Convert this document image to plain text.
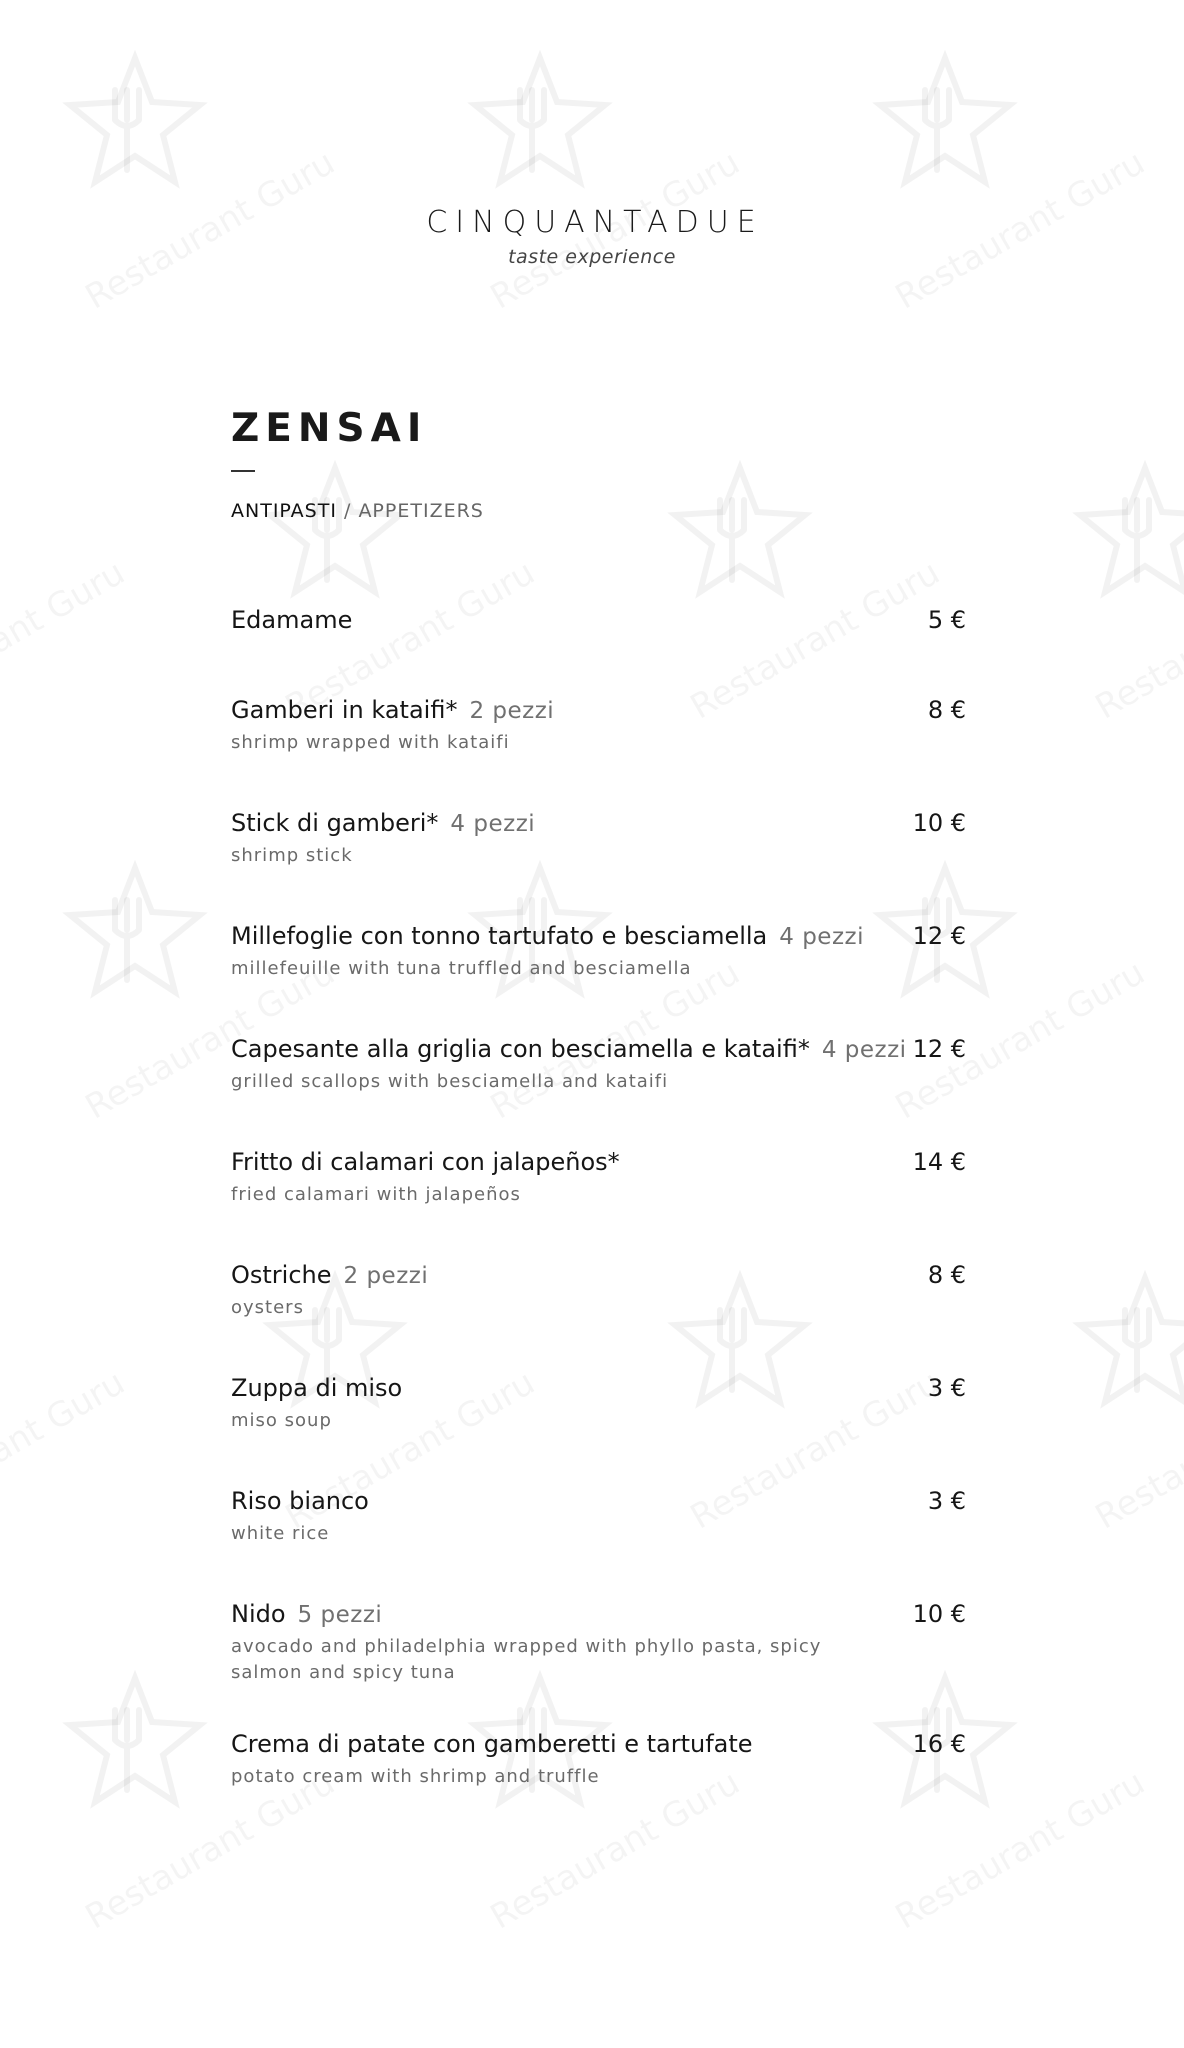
CINQUANTADUE
taste experience
ZENSAI
ANTIPASTI / APPETIZERS
Edamame	5 €
Gamberi in kataifi* 2 pezzi	8 €
shrimp wrapped with kataifi
Stick di gamberi* 4 pezzi	10 €
shrimp stick
Millefoglie con tonno tartufato e besciamella 4 pezzi 12 €
millefeuille with tuna truffled and besciamella
Capesante alla griglia con besciamella e kataifi* 4 pezzi 12 €
grilled scallops with besciamella and kataifi
Fritto di calamari con jalapeños*	14 €
fried calamari with jalapeños
Ostriche 2 pezzi	8 €
oysters
Zuppa di miso	3 €
miso soup
Riso bianco	3 €
white rice
Nido 5 pezzi	10 €
avocado and philadelphia wrapped with phyllo pasta, spicy salmon and spicy tuna
Crema di patate con gamberetti e tartufate	16 €
potato cream with shrimp and truffle
